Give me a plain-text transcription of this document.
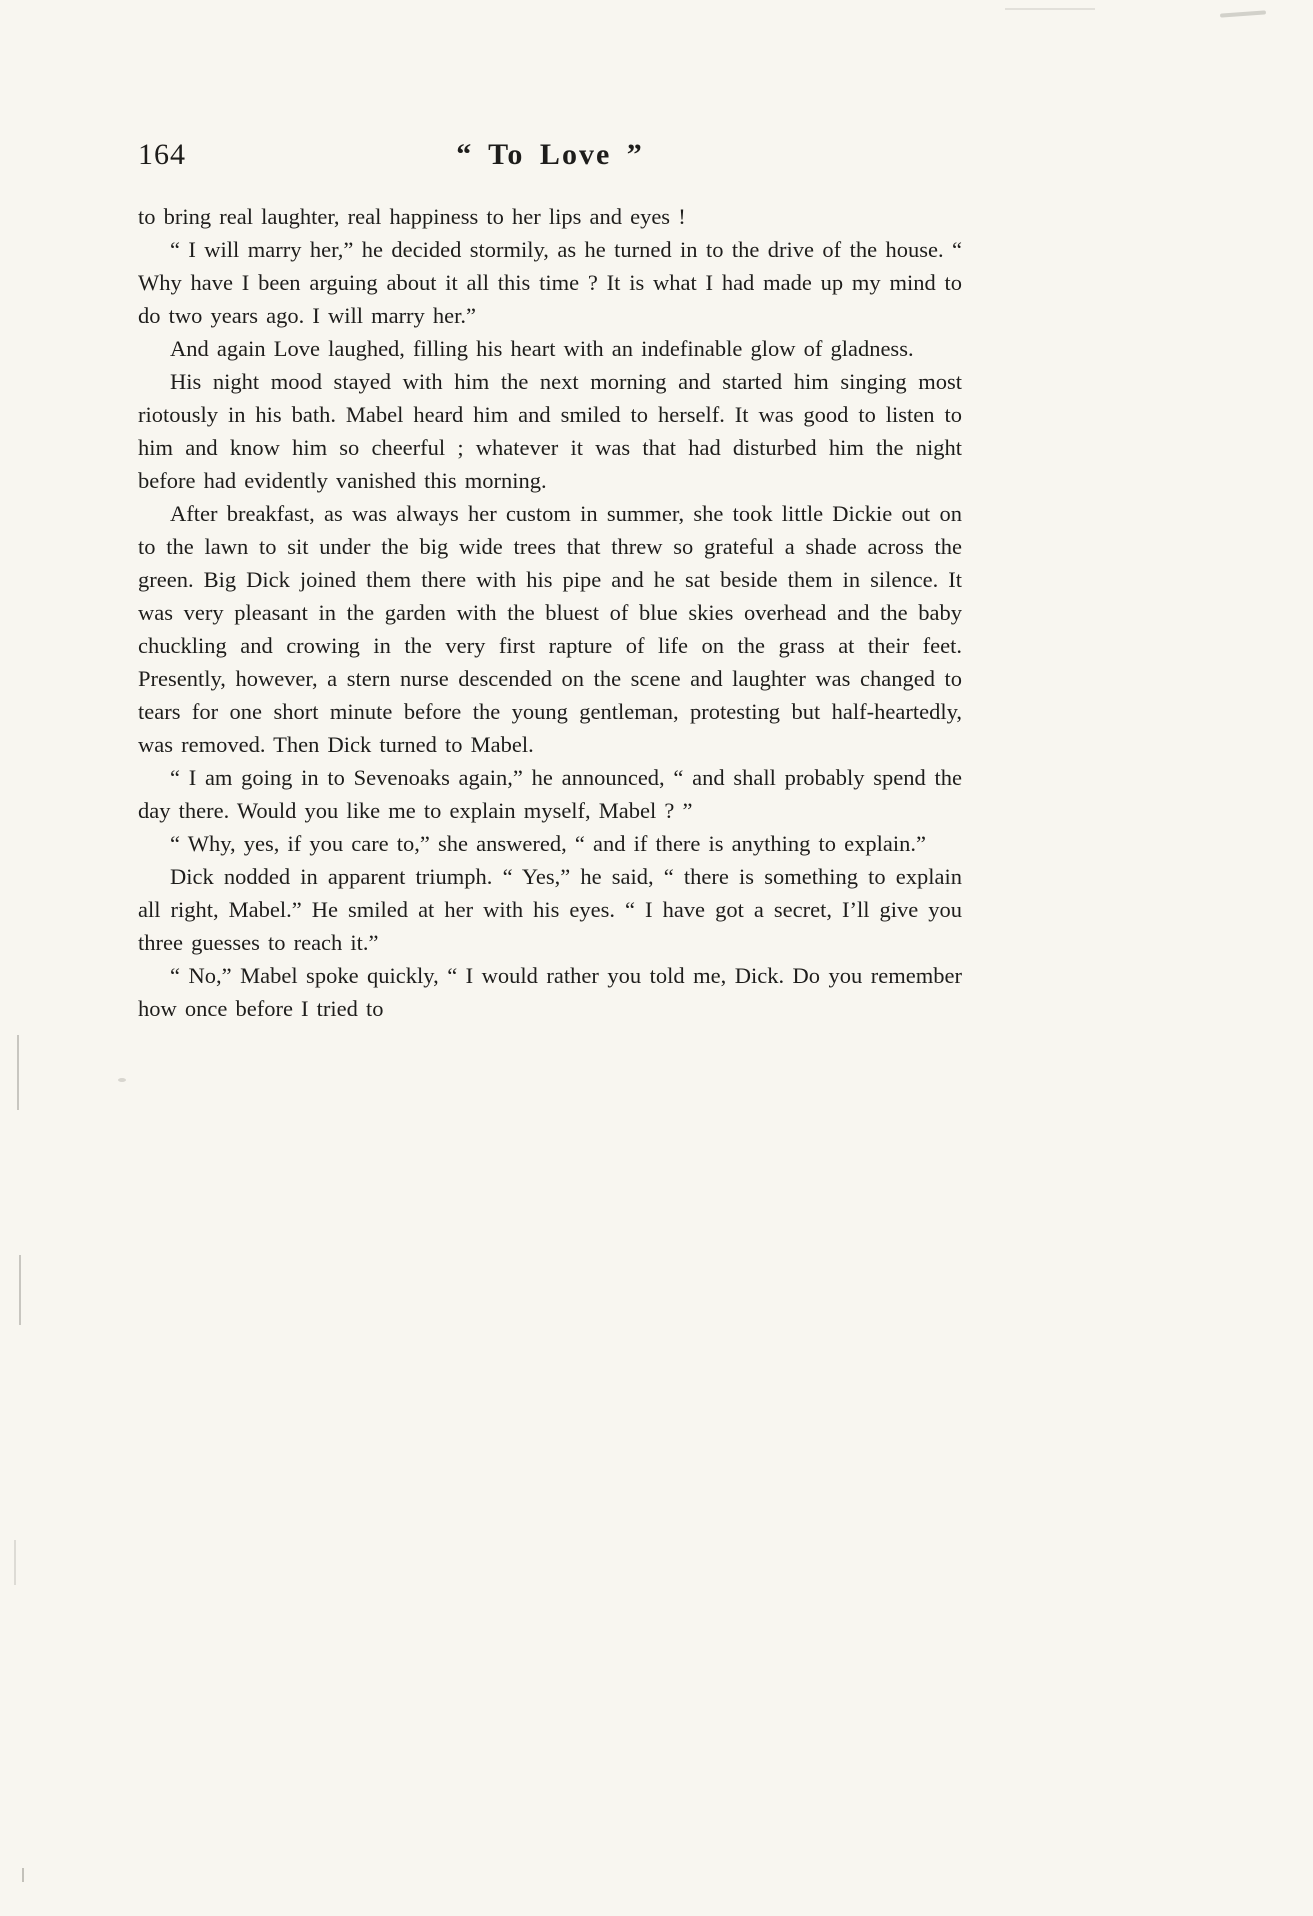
164	“ To Love ”

to bring real laughter, real happiness to her lips and eyes !

“ I will marry her,” he decided stormily, as he turned in to the drive of the house. “ Why have I been arguing about it all this time ? It is what I had made up my mind to do two years ago. I will marry her.”

And again Love laughed, filling his heart with an indefinable glow of gladness.

His night mood stayed with him the next morning and started him singing most riotously in his bath. Mabel heard him and smiled to herself. It was good to listen to him and know him so cheerful ; whatever it was that had disturbed him the night before had evidently vanished this morning.

After breakfast, as was always her custom in summer, she took little Dickie out on to the lawn to sit under the big wide trees that threw so grateful a shade across the green. Big Dick joined them there with his pipe and he sat beside them in silence. It was very pleasant in the garden with the bluest of blue skies overhead and the baby chuckling and crowing in the very first rapture of life on the grass at their feet. Presently, however, a stern nurse descended on the scene and laughter was changed to tears for one short minute before the young gentleman, protesting but half-heartedly, was removed. Then Dick turned to Mabel.

“ I am going in to Sevenoaks again,” he announced, “ and shall probably spend the day there. Would you like me to explain myself, Mabel ? ”

“ Why, yes, if you care to,” she answered, “ and if there is anything to explain.”

Dick nodded in apparent triumph. “ Yes,” he said, “ there is something to explain all right, Mabel.” He smiled at her with his eyes. “ I have got a secret, I’ll give you three guesses to reach it.”

“ No,” Mabel spoke quickly, “ I would rather you told me, Dick. Do you remember how once before I tried to
